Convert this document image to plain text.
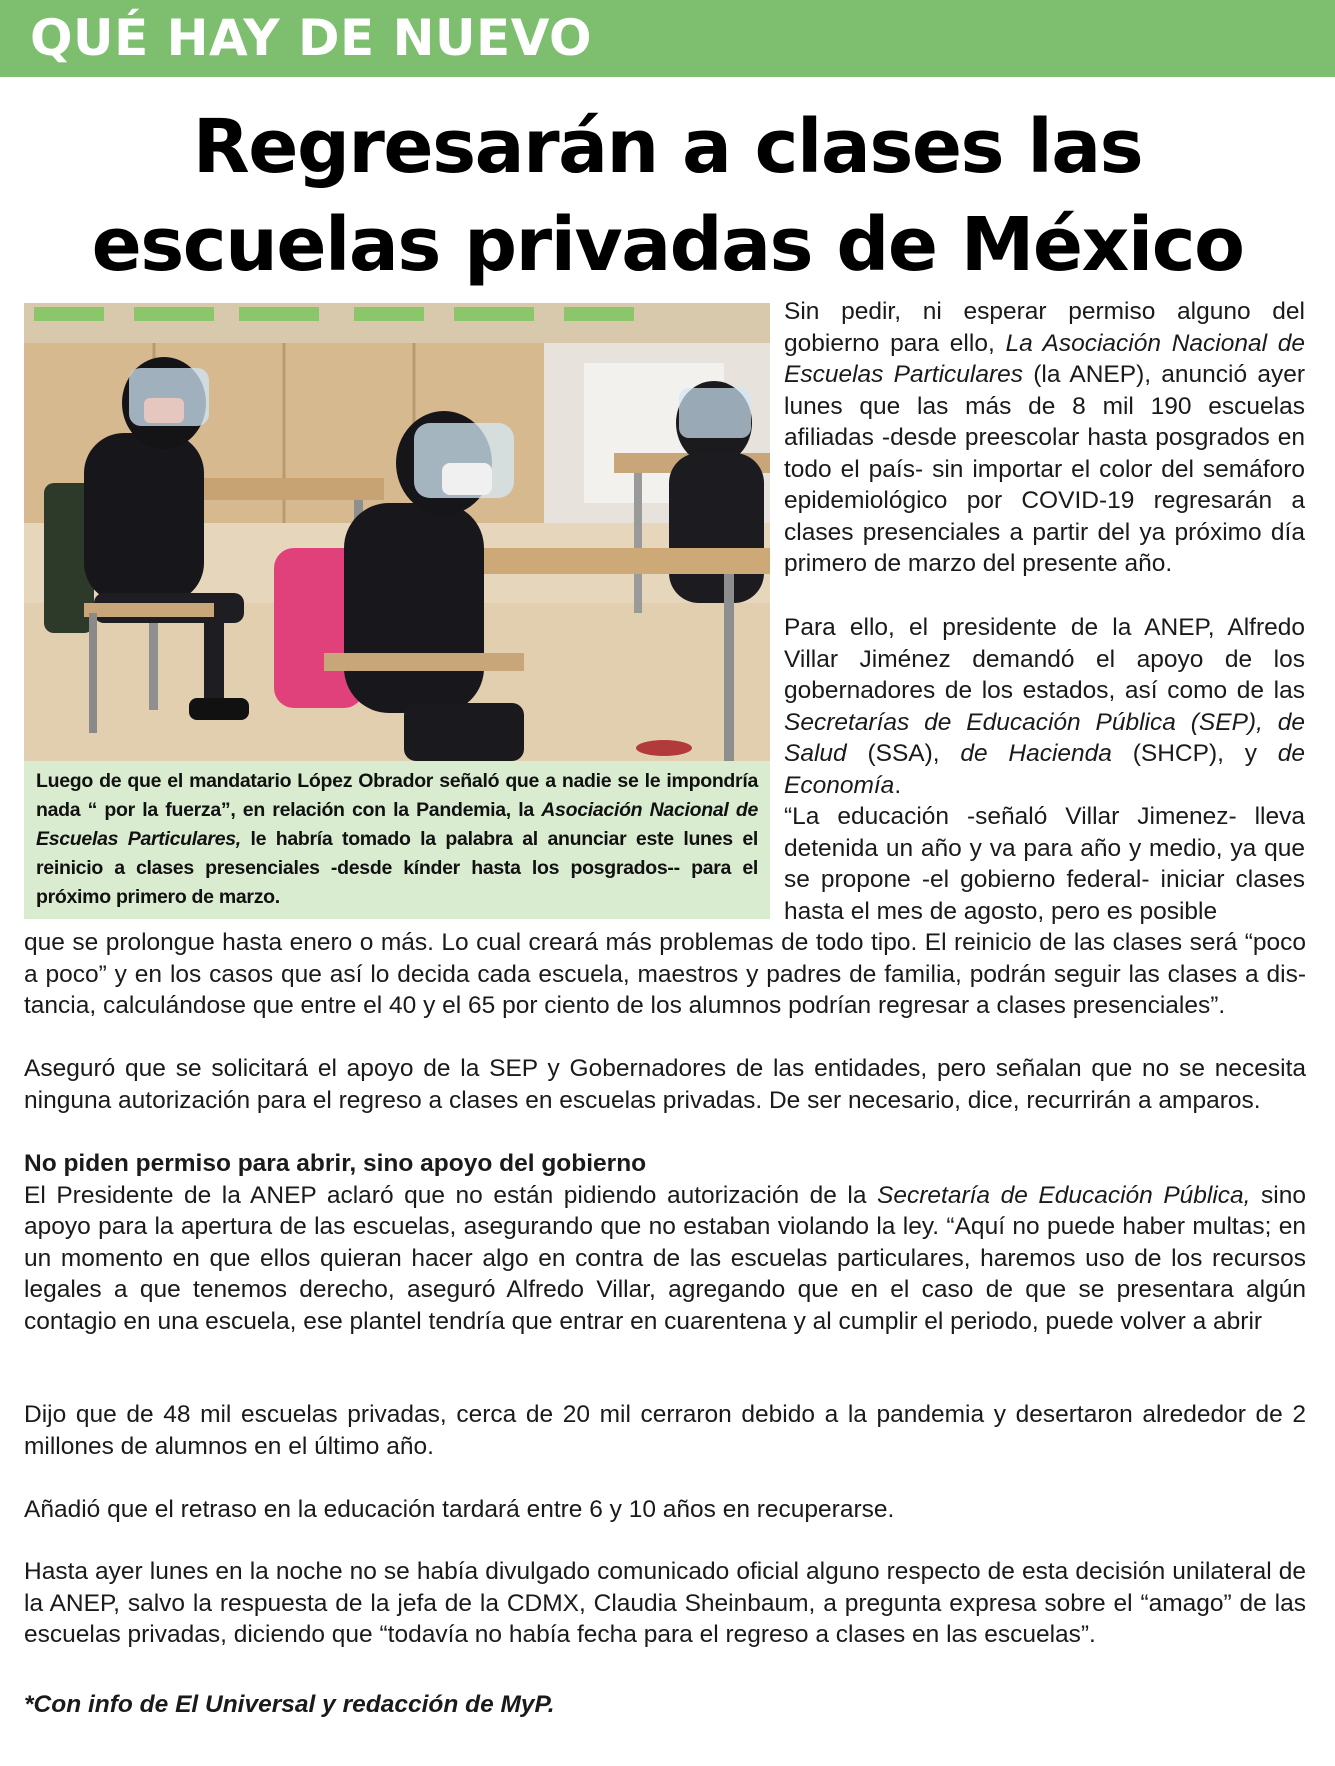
QUÉ HAY DE NUEVO
Regresarán a clases las
escuelas privadas de México

Luego de que el mandatario López Obrador señaló que a nadie se le impondría nada “ por la fuerza”, en relación con la Pandemia, la Asociación Nacional de Escuelas Particulares, le habría tomado la palabra al anunciar este lunes el reinicio a clases presenciales -desde kínder hasta los posgrados-- para el próximo primero de marzo.

Sin pedir, ni esperar permiso alguno del gobierno para ello, La Asociación Nacional de Escuelas Particulares (la ANEP), anunció ayer lunes que las más de 8 mil 190 escuelas afiliadas -desde preescolar hasta posgrados en todo el país- sin importar el color del semáforo epidemiológico por COVID-19 regresarán a clases presenciales a partir del ya próximo día primero de marzo del presente año.

Para ello, el presidente de la ANEP, Alfredo Villar Jiménez demandó el apoyo de los gobernadores de los estados, así como de las Secretarías de Educación Pública (SEP), de Salud (SSA), de Hacienda (SHCP), y de Economía.

“La educación -señaló Villar Jimenez- lleva detenida un año y va para año y medio, ya que se propone -el gobierno federal- iniciar clases hasta el mes de agosto, pero es posible

que se prolongue hasta enero o más. Lo cual creará más problemas de todo tipo. El reinicio de las clases será “poco
a poco” y en los casos que así lo decida cada escuela, maestros y padres de familia, podrán seguir las clases a dis-
tancia, calculándose que entre el 40 y el 65 por ciento de los alumnos podrían regresar a clases presenciales”.

Aseguró que se solicitará el apoyo de la SEP y Gobernadores de las entidades, pero señalan que no se necesita ninguna autorización para el regreso a clases en escuelas privadas. De ser necesario, dice, recurrirán a amparos.

No piden permiso para abrir, sino apoyo del gobierno
El Presidente de la ANEP aclaró que no están pidiendo autorización de la Secretaría de Educación Pública, sino apoyo para la apertura de las escuelas, asegurando que no estaban violando la ley. “Aquí no puede haber multas; en un momento en que ellos quieran hacer algo en contra de las escuelas particulares, haremos uso de los recursos legales a que tenemos derecho, aseguró Alfredo Villar, agregando que en el caso de que se presentara algún contagio en una escuela, ese plantel tendría que entrar en cuarentena y al cumplir el periodo, puede volver a abrir

Dijo que de 48 mil escuelas privadas, cerca de 20 mil cerraron debido a la pandemia y desertaron alrededor de 2 millones de alumnos en el último año.

Añadió que el retraso en la educación tardará entre 6 y 10 años en recuperarse.

Hasta ayer lunes en la noche no se había divulgado comunicado oficial alguno respecto de esta decisión unilateral de la ANEP, salvo la respuesta de la jefa de la CDMX, Claudia Sheinbaum, a pregunta expresa sobre el “amago” de las escuelas privadas, diciendo que “todavía no había fecha para el regreso a clases en las escuelas”.

*Con info de El Universal y redacción de MyP.
